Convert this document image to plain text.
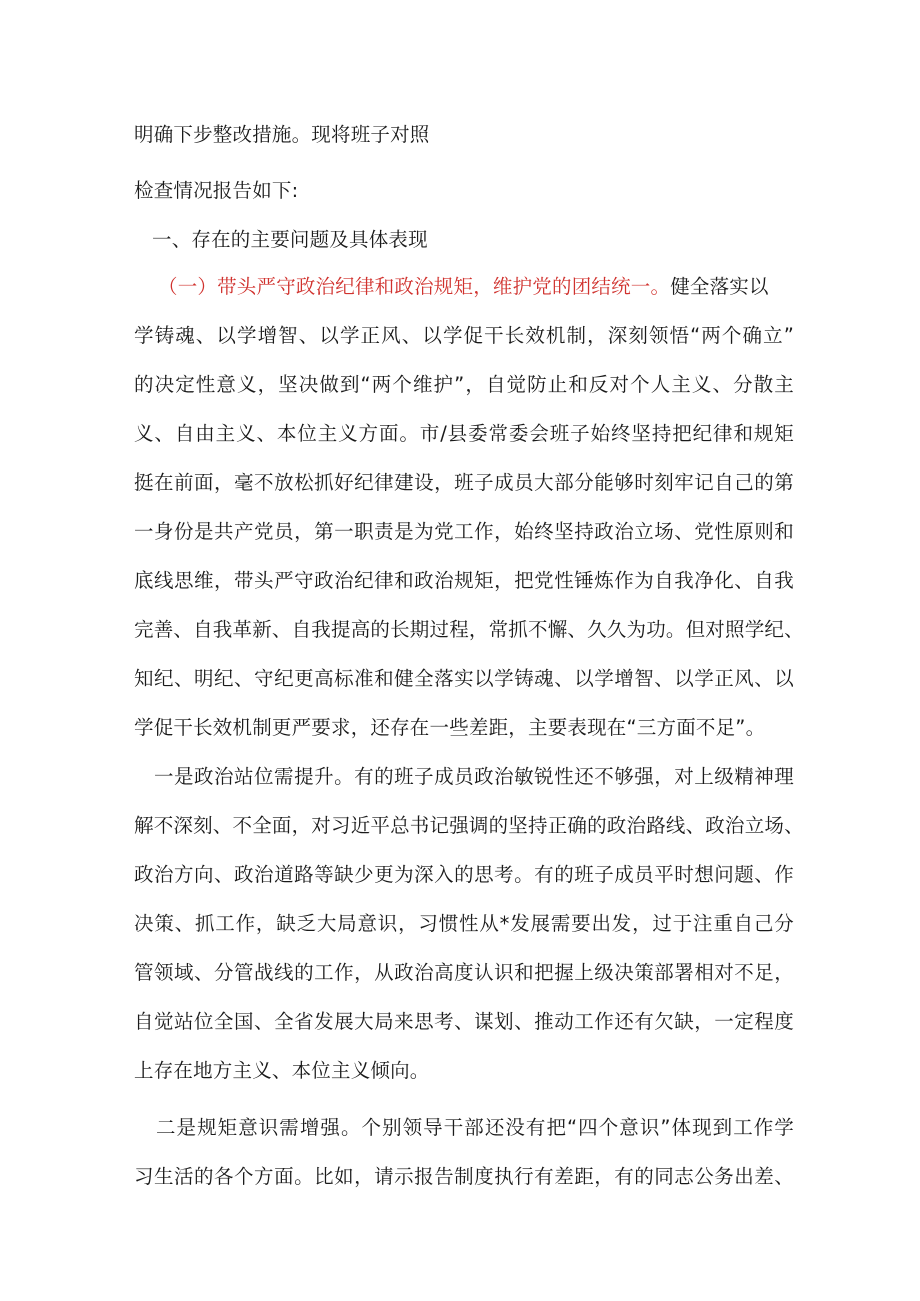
明确下步整改措施。现将班子对照
检查情况报告如下:
一、存在的主要问题及具体表现
（一）带头严守政治纪律和政治规矩，维护党的团结统一。健全落实以
学铸魂、以学增智、以学正风、以学促干长效机制，深刻领悟“两个确立”
的决定性意义，坚决做到“两个维护”，自觉防止和反对个人主义、分散主
义、自由主义、本位主义方面。市/县委常委会班子始终坚持把纪律和规矩
挺在前面，毫不放松抓好纪律建设，班子成员大部分能够时刻牢记自己的第
一身份是共产党员，第一职责是为党工作，始终坚持政治立场、党性原则和
底线思维，带头严守政治纪律和政治规矩，把党性锤炼作为自我净化、自我
完善、自我革新、自我提高的长期过程，常抓不懈、久久为功。但对照学纪、
知纪、明纪、守纪更高标准和健全落实以学铸魂、以学增智、以学正风、以
学促干长效机制更严要求，还存在一些差距，主要表现在“三方面不足”。
一是政治站位需提升。有的班子成员政治敏锐性还不够强，对上级精神理
解不深刻、不全面，对习近平总书记强调的坚持正确的政治路线、政治立场、
政治方向、政治道路等缺少更为深入的思考。有的班子成员平时想问题、作
决策、抓工作，缺乏大局意识，习惯性从*发展需要出发，过于注重自己分
管领域、分管战线的工作，从政治高度认识和把握上级决策部署相对不足，
自觉站位全国、全省发展大局来思考、谋划、推动工作还有欠缺，一定程度
上存在地方主义、本位主义倾向。
二是规矩意识需增强。个别领导干部还没有把“四个意识”体现到工作学
习生活的各个方面。比如，请示报告制度执行有差距，有的同志公务出差、
